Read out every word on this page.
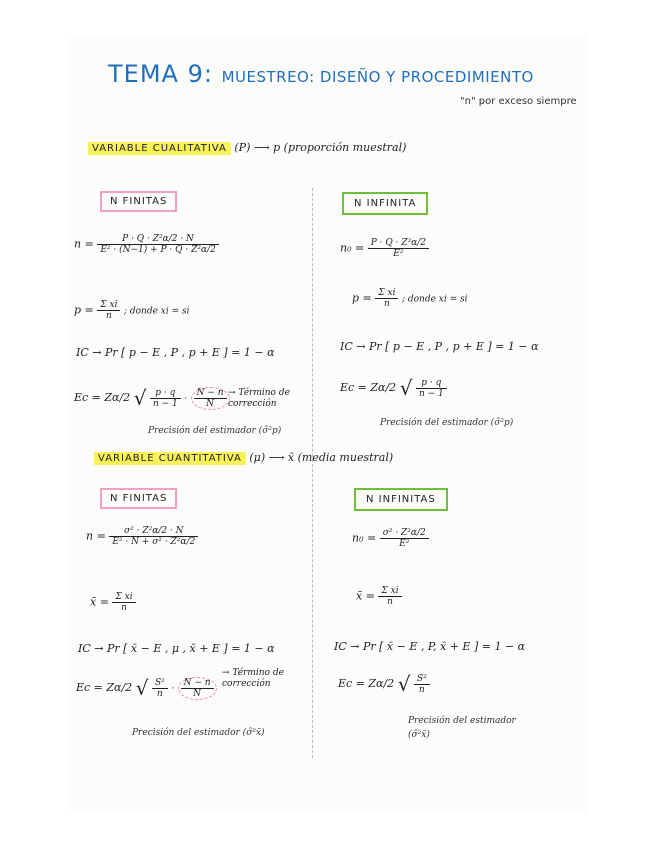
TEMA 9: MUESTREO: DISEÑO Y PROCEDIMIENTO
"n" por exceso siempre
VARIABLE CUALITATIVA (P) ⟶ p (proporción muestral)
N FINITAS
$n = \frac{\text{P · Q · Z²α/2 · N}}{\text{E² · (N−1) + P · Q · Z²α/2}}$
$p = \frac{\text{Σ xi}}{n}$ ; donde xi = si
IC → Pr [ p − E , P , p + E ] = 1 − α
Ec = Zα/2 √ $\frac{p \cdot q}{n - 1} \cdot \frac{N - n}{N}$ → Término de corrección
Precisión del estimador (σ̂²p)
N INFINITA
$n_0 = \frac{\text{P · Q · Z²α/2}}{\text{E²}}$
$p = \frac{\text{Σ xi}}{n}$ ; donde xi = si
IC → Pr [ p − E , P , p + E ] = 1 − α
Ec = Zα/2 √ $\frac{p \cdot q}{n - 1}$
Precisión del estimador (σ̂²p)
VARIABLE CUANTITATIVA (μ) ⟶ x̄ (media muestral)
N FINITAS
$n = \frac{\text{σ² · Z²α/2 · N}}{\text{E² · N + σ² · Z²α/2}}$
x̄ = $\frac{\text{Σ xi}}{n}$
IC → Pr [ x̄ − E , μ , x̄ + E ] = 1 − α
Ec = Zα/2 √ $\frac{\text{S²}}{n} \cdot \frac{N - n}{N}$
→ Término de corrección
Precisión del estimador (σ̂²x̄)
N INFINITAS
$n_0 = \frac{\text{σ² · Z²α/2}}{\text{E²}}$
x̄ = $\frac{\text{Σ xi}}{n}$
IC → Pr [ x̄ − E , P, x̄ + E ] = 1 − α
Ec = Zα/2 √ $\frac{\text{S²}}{n}$
Precisión del estimador (σ̂²x̄)
